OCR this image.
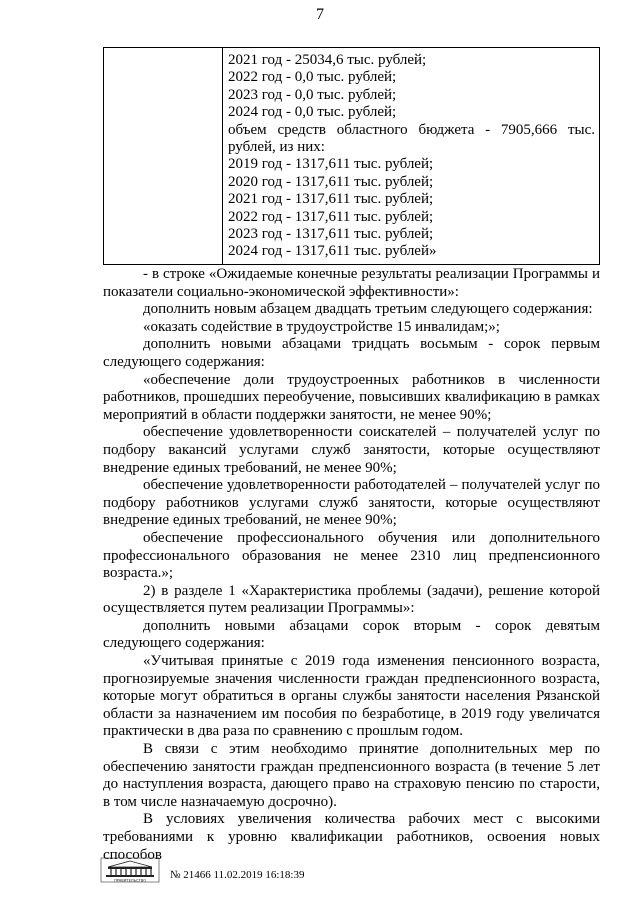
7
2021 год - 25034,6 тыс. рублей;
2022 год - 0,0 тыс. рублей;
2023 год - 0,0 тыс. рублей;
2024 год - 0,0 тыс. рублей;
объем средств областного бюджета - 7905,666 тыс. рублей, из них:
2019 год - 1317,611 тыс. рублей;
2020 год - 1317,611 тыс. рублей;
2021 год - 1317,611 тыс. рублей;
2022 год - 1317,611 тыс. рублей;
2023 год - 1317,611 тыс. рублей;
2024 год - 1317,611 тыс. рублей»

- в строке «Ожидаемые конечные результаты реализации Программы и показатели социально-экономической эффективности»:

дополнить новым абзацем двадцать третьим следующего содержания:

«оказать содействие в трудоустройстве 15 инвалидам;»;

дополнить новыми абзацами тридцать восьмым - сорок первым следующего содержания:

«обеспечение доли трудоустроенных работников в численности работников, прошедших переобучение, повысивших квалификацию в рамках мероприятий в области поддержки занятости, не менее 90%;

обеспечение удовлетворенности соискателей – получателей услуг по подбору вакансий услугами служб занятости, которые осуществляют внедрение единых требований, не менее 90%;

обеспечение удовлетворенности работодателей – получателей услуг по подбору работников услугами служб занятости, которые осуществляют внедрение единых требований, не менее 90%;

обеспечение профессионального обучения или дополнительного профессионального образования не менее 2310 лиц предпенсионного возраста.»;

2) в разделе 1 «Характеристика проблемы (задачи), решение которой осуществляется путем реализации Программы»:

дополнить новыми абзацами сорок вторым - сорок девятым следующего содержания:

«Учитывая принятые с 2019 года изменения пенсионного возраста, прогнозируемые значения численности граждан предпенсионного возраста, которые могут обратиться в органы службы занятости населения Рязанской области за назначением им пособия по безработице, в 2019 году увеличатся практически в два раза по сравнению с прошлым годом.

В связи с этим необходимо принятие дополнительных мер по обеспечению занятости граждан предпенсионного возраста (в течение 5 лет до наступления возраста, дающего право на страховую пенсию по старости, в том числе назначаемую досрочно).

В условиях увеличения количества рабочих мест с высокими требованиями к уровню квалификации работников, освоения новых способов

ПРАВИТЕЛЬСТВО № 21466 11.02.2019 16:18:39
